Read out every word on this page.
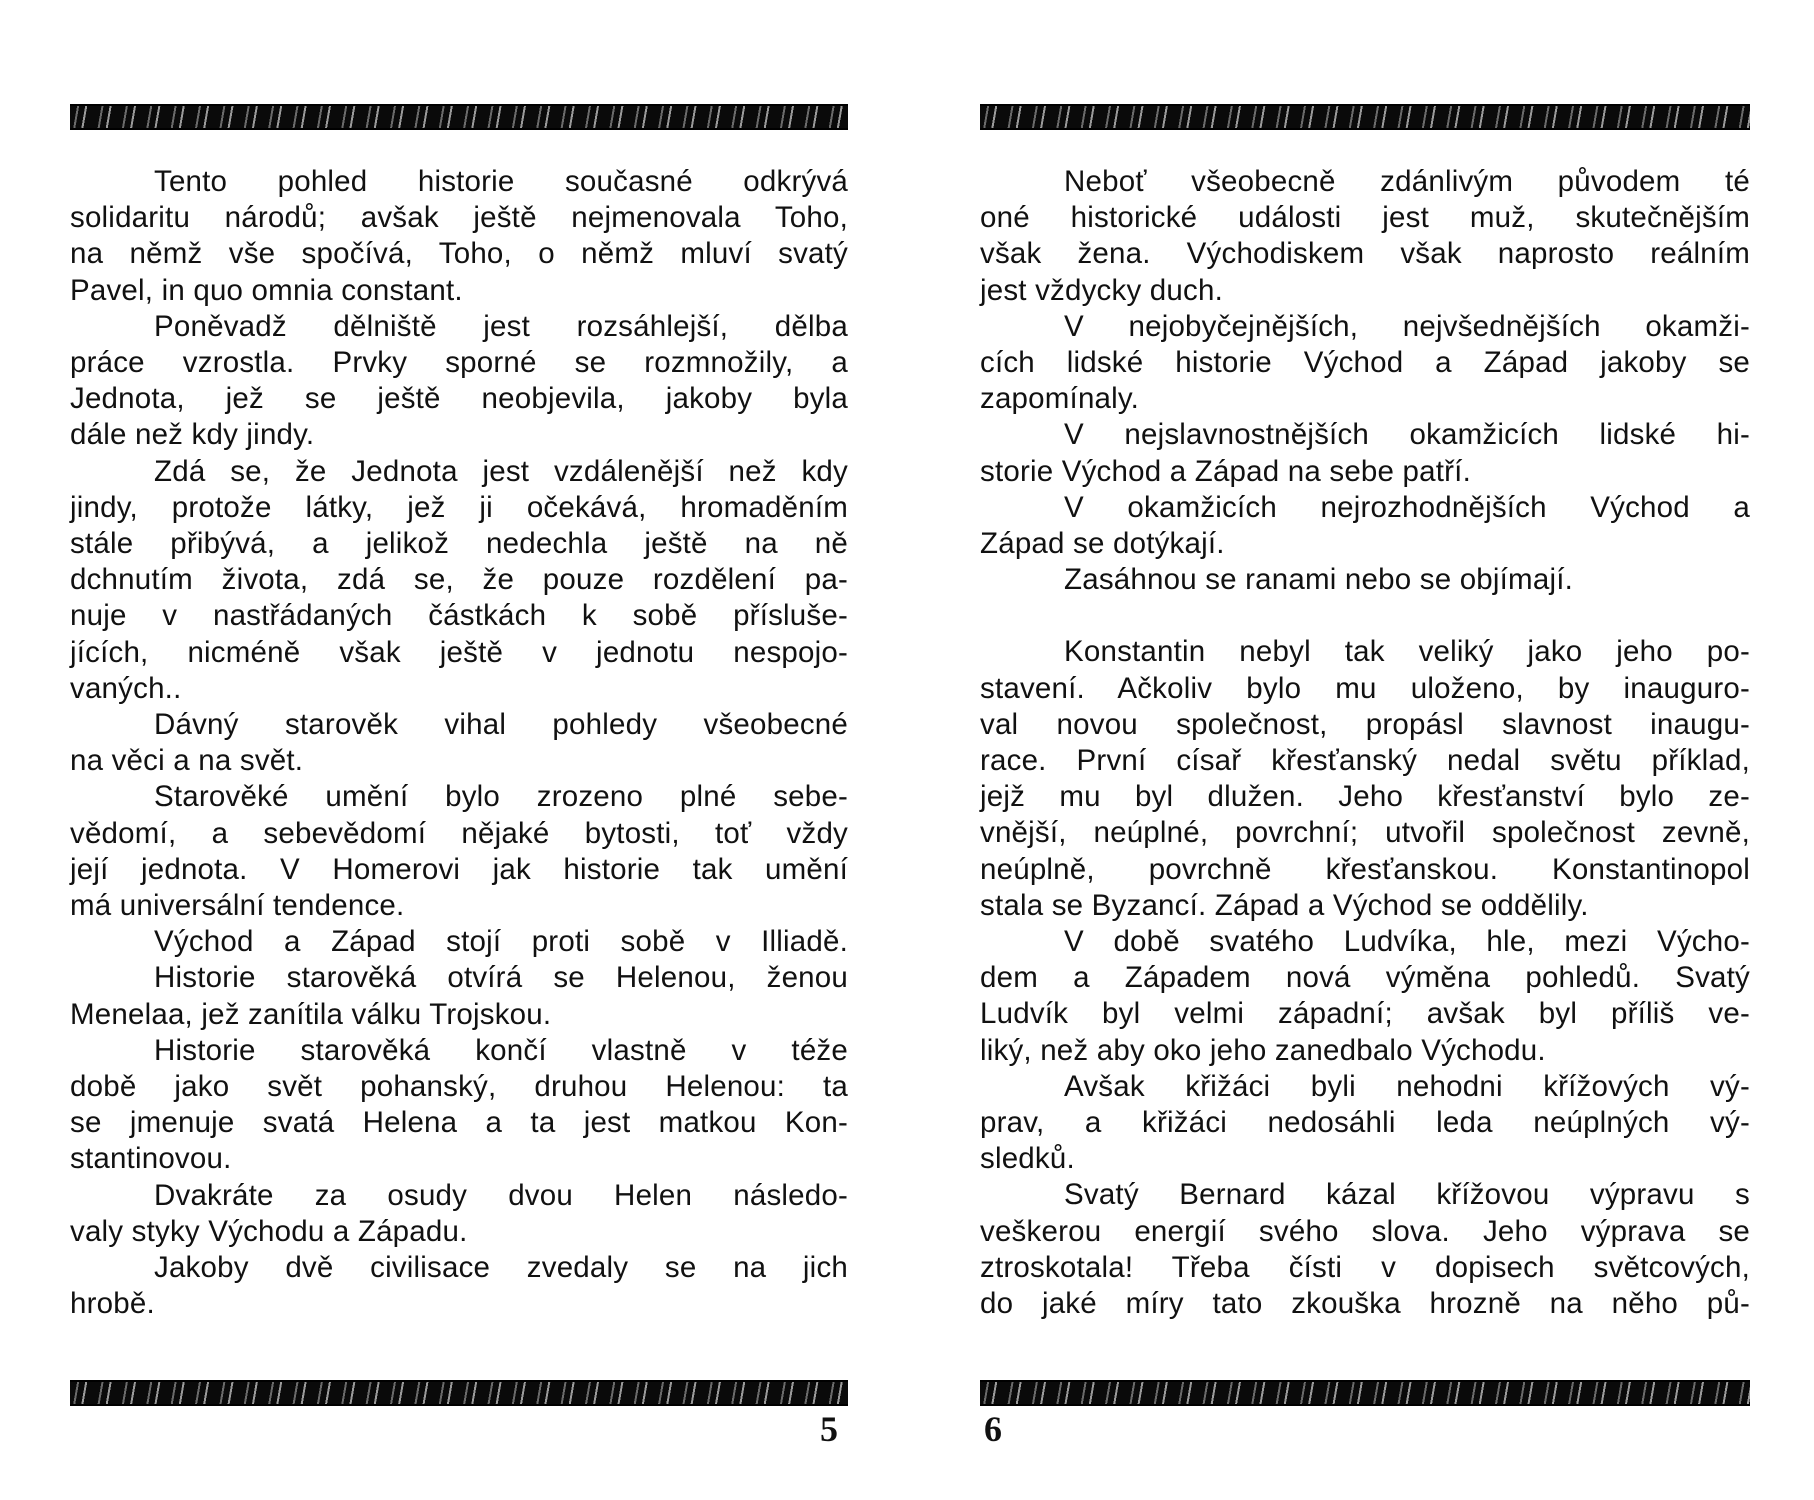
Tento pohled historie současné odkrývá
solidaritu národů; avšak ještě nejmenovala Toho,
na němž vše spočívá, Toho, o němž mluví svatý
Pavel, in quo omnia constant.
Poněvadž dělniště jest rozsáhlejší, dělba
práce vzrostla. Prvky sporné se rozmnožily, a
Jednota, jež se ještě neobjevila, jakoby byla
dále než kdy jindy.
Zdá se, že Jednota jest vzdálenější než kdy
jindy, protože látky, jež ji očekává, hromaděním
stále přibývá, a jelikož nedechla ještě na ně
dchnutím života, zdá se, že pouze rozdělení pa-
nuje v nastřádaných částkách k sobě přísluše-
jících, nicméně však ještě v jednotu nespojo-
vaných..
Dávný starověk vihal pohledy všeobecné
na věci a na svět.
Starověké umění bylo zrozeno plné sebe-
vědomí, a sebevědomí nějaké bytosti, toť vždy
její jednota. V Homerovi jak historie tak umění
má universální tendence.
Východ a Západ stojí proti sobě v Illiadě.
Historie starověká otvírá se Helenou, ženou
Menelaa, jež zanítila válku Trojskou.
Historie starověká končí vlastně v téže
době jako svět pohanský, druhou Helenou: ta
se jmenuje svatá Helena a ta jest matkou Kon-
stantinovou.
Dvakráte za osudy dvou Helen následo-
valy styky Východu a Západu.
Jakoby dvě civilisace zvedaly se na jich
hrobě.
5
Neboť všeobecně zdánlivým původem té
oné historické události jest muž, skutečnějším
však žena. Východiskem však naprosto reálním
jest vždycky duch.
V nejobyčejnějších, nejvšednějších okamži-
cích lidské historie Východ a Západ jakoby se
zapomínaly.
V nejslavnostnějších okamžicích lidské hi-
storie Východ a Západ na sebe patří.
V okamžicích nejrozhodnějších Východ a
Západ se dotýkají.
Zasáhnou se ranami nebo se objímají.
Konstantin nebyl tak veliký jako jeho po-
stavení. Ačkoliv bylo mu uloženo, by inauguro-
val novou společnost, propásl slavnost inaugu-
race. První císař křesťanský nedal světu příklad,
jejž mu byl dlužen. Jeho křesťanství bylo ze-
vnější, neúplné, povrchní; utvořil společnost zevně,
neúplně, povrchně křesťanskou. Konstantinopol
stala se Byzancí. Západ a Východ se oddělily.
V době svatého Ludvíka, hle, mezi Výcho-
dem a Západem nová výměna pohledů. Svatý
Ludvík byl velmi západní; avšak byl příliš ve-
liký, než aby oko jeho zanedbalo Východu.
Avšak křižáci byli nehodni křížových vý-
prav, a křižáci nedosáhli leda neúplných vý-
sledků.
Svatý Bernard kázal křížovou výpravu s
veškerou energií svého slova. Jeho výprava se
ztroskotala! Třeba čísti v dopisech světcových,
do jaké míry tato zkouška hrozně na něho pů-
6
